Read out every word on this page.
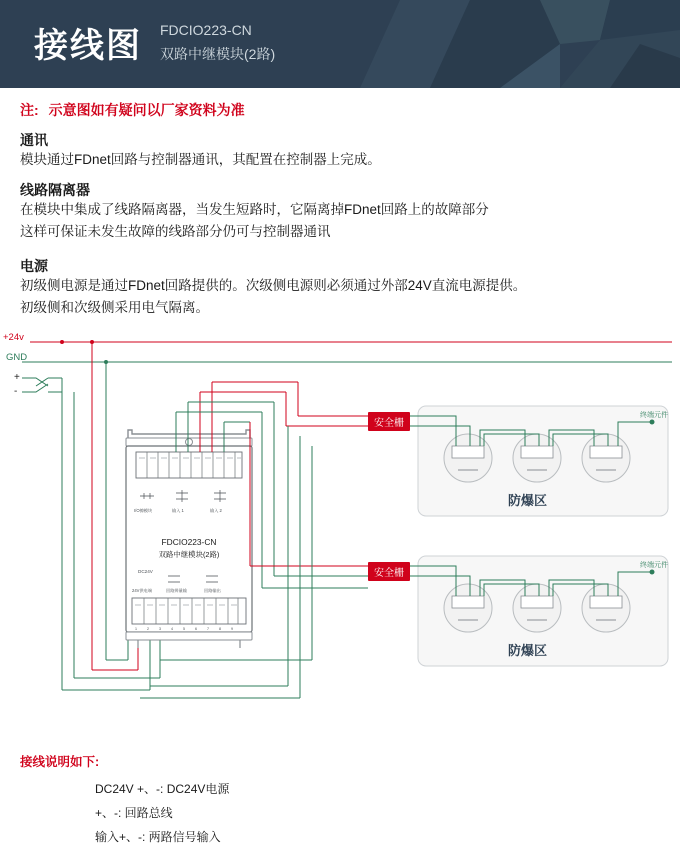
接线图 FDCIO223-CN
双路中继模块(2路)
注: 示意图如有疑问以厂家资料为准
通讯
模块通过FDnet回路与控制器通讯，其配置在控制器上完成。
线路隔离器
在模块中集成了线路隔离器，当发生短路时，它隔离掉FDnet回路上的故障部分
这样可保证未发生故障的线路部分仍可与控制器通讯
电源
初级侧电源是通过FDnet回路提供的。次级侧电源则必须通过外部24V直流电源提供。
初级侧和次级侧采用电气隔离。
+24v
GND
+
-
I/O擦模块	输入 1	输入 2
FDCIO223-CN
双路中继模块(2路)
DC24V
24V供电端	回路辨量输	回路输出
1	2	3	4	5	6	7	8	9
安全栅
安全栅
防爆区
防爆区
终端元件
终端元件
接线说明如下:
DC24V +、-: DC24V电源
+、-: 回路总线
输入+、-: 两路信号输入
